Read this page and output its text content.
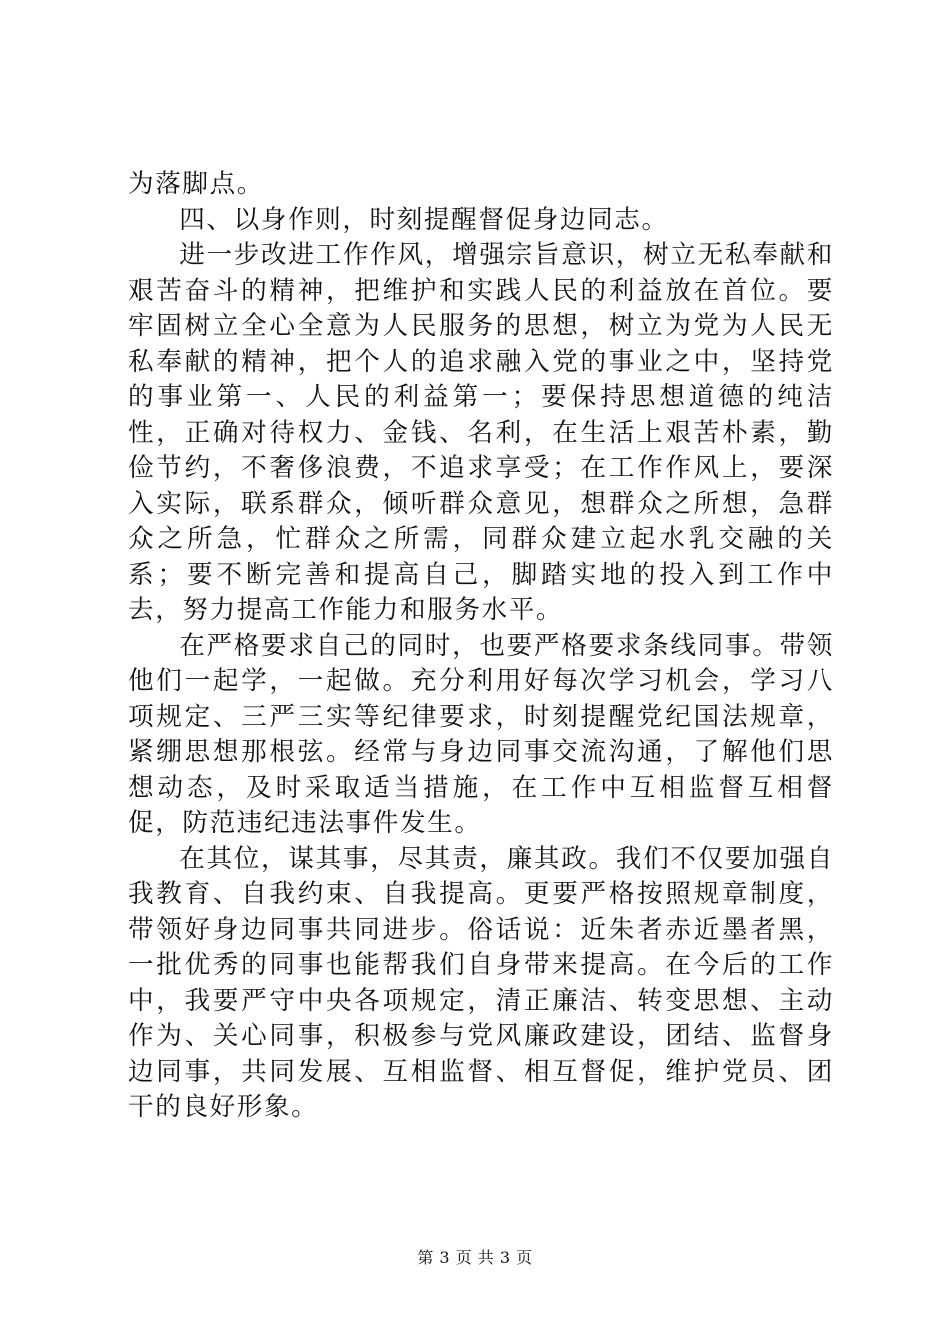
为落脚点。

四、以身作则，时刻提醒督促身边同志。

进一步改进工作作风，增强宗旨意识，树立无私奉献和艰苦奋斗的精神，把维护和实践人民的利益放在首位。要牢固树立全心全意为人民服务的思想，树立为党为人民无私奉献的精神，把个人的追求融入党的事业之中，坚持党的事业第一、人民的利益第一；要保持思想道德的纯洁性，正确对待权力、金钱、名利，在生活上艰苦朴素，勤俭节约，不奢侈浪费，不追求享受；在工作作风上，要深入实际，联系群众，倾听群众意见，想群众之所想，急群众之所急，忙群众之所需，同群众建立起水乳交融的关系；要不断完善和提高自己，脚踏实地的投入到工作中去，努力提高工作能力和服务水平。

在严格要求自己的同时，也要严格要求条线同事。带领他们一起学，一起做。充分利用好每次学习机会，学习八项规定、三严三实等纪律要求，时刻提醒党纪国法规章，紧绷思想那根弦。经常与身边同事交流沟通，了解他们思想动态，及时采取适当措施，在工作中互相监督互相督促，防范违纪违法事件发生。

在其位，谋其事，尽其责，廉其政。我们不仅要加强自我教育、自我约束、自我提高。更要严格按照规章制度，带领好身边同事共同进步。俗话说：近朱者赤近墨者黑，一批优秀的同事也能帮我们自身带来提高。在今后的工作中，我要严守中央各项规定，清正廉洁、转变思想、主动作为、关心同事，积极参与党风廉政建设，团结、监督身边同事，共同发展、互相监督、相互督促，维护党员、团干的良好形象。

第 3 页 共 3 页
